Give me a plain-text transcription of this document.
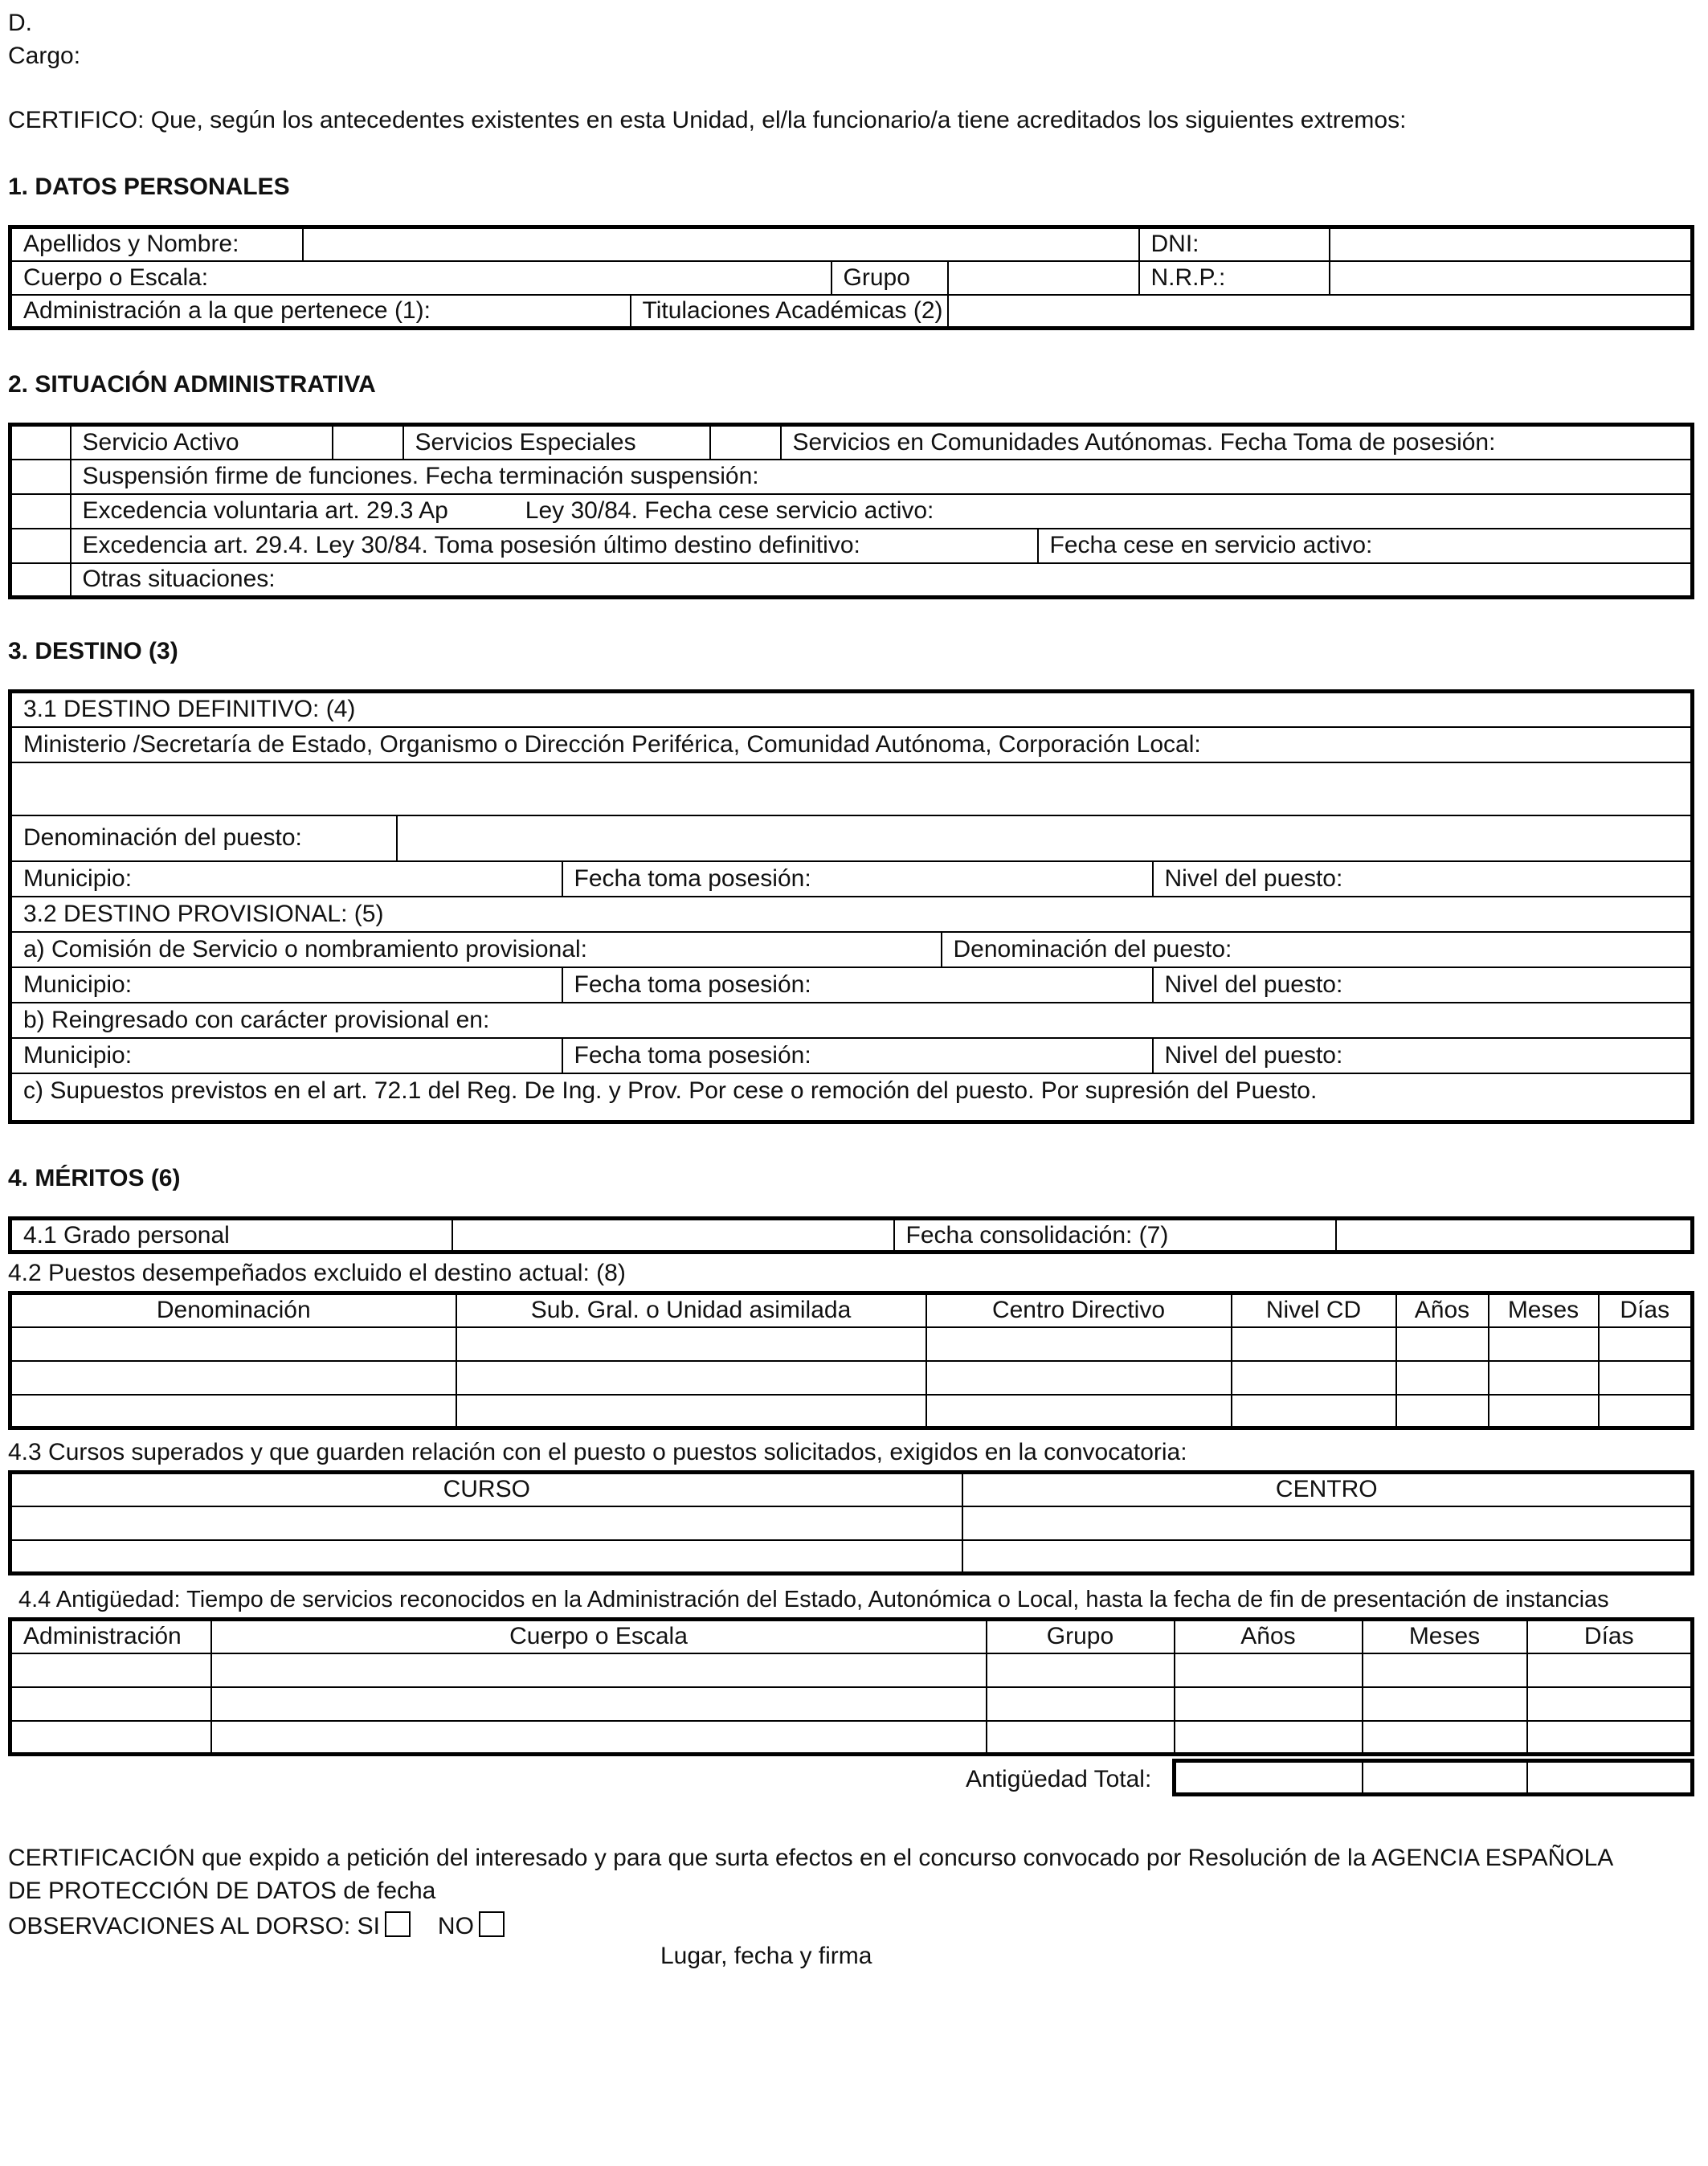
D.
Cargo:
CERTIFICO: Que, según los antecedentes existentes en esta Unidad, el/la funcionario/a tiene acreditados los siguientes extremos:
1. DATOS PERSONALES
Apellidos y Nombre:					DNI:	
Cuerpo o Escala:			Grupo		N.R.P.:	
Administración a la que pertenece (1):		Titulaciones Académicas (2)				
2. SITUACIÓN ADMINISTRATIVA
	Servicio Activo		Servicios Especiales		Servicios en Comunidades Autónomas. Fecha Toma de posesión:	
	Suspensión firme de funciones. Fecha terminación suspensión:					
	Excedencia voluntaria art. 29.3 Ap Ley 30/84. Fecha cese servicio activo:					
	Excedencia art. 29.4. Ley 30/84. Toma posesión último destino definitivo:					Fecha cese en servicio activo:
	Otras situaciones:					
3. DESTINO (3)
3.1 DESTINO DEFINITIVO: (4)				
Ministerio /Secretaría de Estado, Organismo o Dirección Periférica, Comunidad Autónoma, Corporación Local:				

Denominación del puesto:				
Municipio:		Fecha toma posesión:		Nivel del puesto:
3.2 DESTINO PROVISIONAL: (5)				
a) Comisión de Servicio o nombramiento provisional:			Denominación del puesto:	
Municipio:		Fecha toma posesión:		Nivel del puesto:
b) Reingresado con carácter provisional en:				
Municipio:		Fecha toma posesión:		Nivel del puesto:
c) Supuestos previstos en el art. 72.1 del Reg. De Ing. y Prov. Por cese o remoción del puesto. Por supresión del Puesto.				
4. MÉRITOS (6)
4.1 Grado personal		Fecha consolidación: (7)	
4.2 Puestos desempeñados excluido el destino actual: (8)
Denominación	Sub. Gral. o Unidad asimilada	Centro Directivo	Nivel CD	Años	Meses	Días

4.3 Cursos superados y que guarden relación con el puesto o puestos solicitados, exigidos en la convocatoria:
CURSO	CENTRO

4.4 Antigüedad: Tiempo de servicios reconocidos en la Administración del Estado, Autonómica o Local, hasta la fecha de fin de presentación de instancias
Administración	Cuerpo o Escala	Grupo	Años	Meses	Días

Antigüedad Total:

CERTIFICACIÓN que expido a petición del interesado y para que surta efectos en el concurso convocado por Resolución de la AGENCIA ESPAÑOLA
DE PROTECCIÓN DE DATOS de fecha
OBSERVACIONES AL DORSO: SI NO
Lugar, fecha y firma
